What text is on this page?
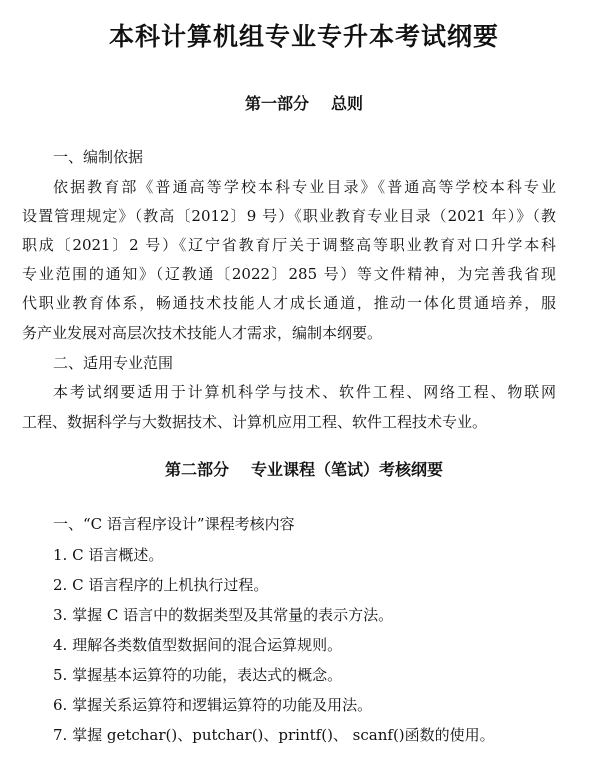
本科计算机组专业专升本考试纲要
第一部分 总则
一、编制依据
依据教育部《普通高等学校本科专业目录》《普通高等学校本科专业
设置管理规定》（教高〔2012〕9 号）《职业教育专业目录（2021 年）》（教
职成〔2021〕2 号）《辽宁省教育厅关于调整高等职业教育对口升学本科
专业范围的通知》（辽教通〔2022〕285 号）等文件精神，为完善我省现
代职业教育体系，畅通技术技能人才成长通道，推动一体化贯通培养，服
务产业发展对高层次技术技能人才需求，编制本纲要。
二、适用专业范围
本考试纲要适用于计算机科学与技术、软件工程、网络工程、物联网
工程、数据科学与大数据技术、计算机应用工程、软件工程技术专业。
第二部分 专业课程（笔试）考核纲要
一、“C 语言程序设计”课程考核内容
1. C 语言概述。
2. C 语言程序的上机执行过程。
3. 掌握 C 语言中的数据类型及其常量的表示方法。
4. 理解各类数值型数据间的混合运算规则。
5. 掌握基本运算符的功能，表达式的概念。
6. 掌握关系运算符和逻辑运算符的功能及用法。
7. 掌握 getchar()、putchar()、printf()、 scanf()函数的使用。
